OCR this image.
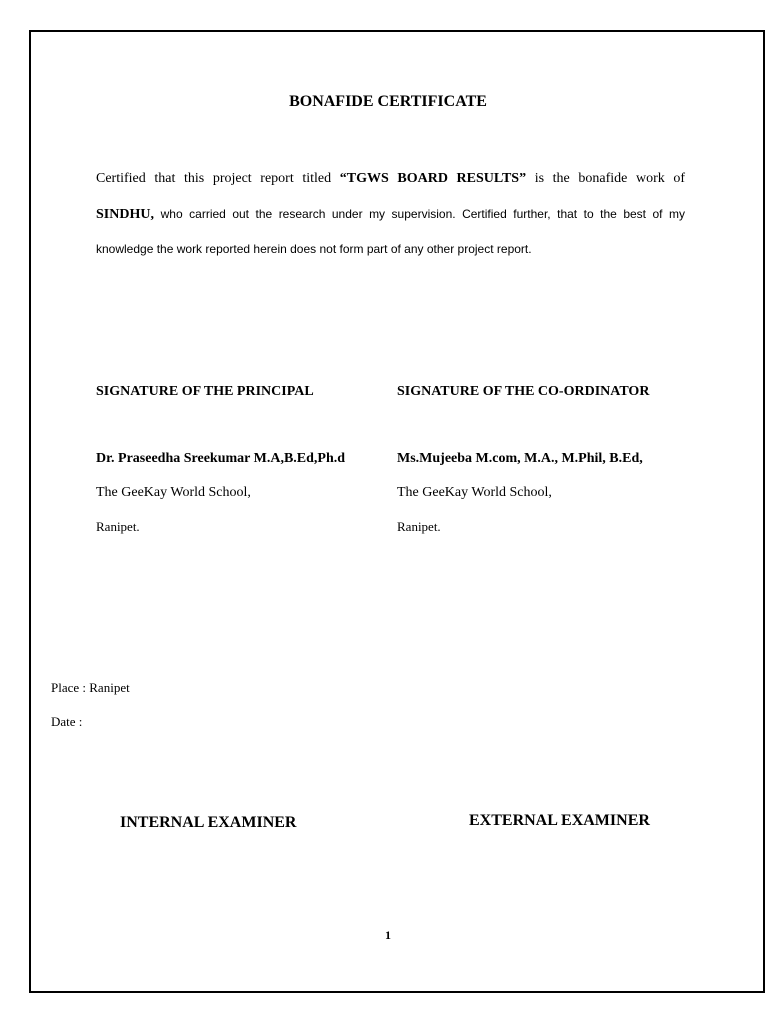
BONAFIDE CERTIFICATE
Certified that this project report titled “TGWS BOARD RESULTS” is the bonafide work of
SINDHU, who carried out the research under my supervision. Certified further, that to the best of my
knowledge the work reported herein does not form part of any other project report.
SIGNATURE OF THE PRINCIPAL	SIGNATURE OF THE CO-ORDINATOR
Dr. Praseedha Sreekumar M.A,B.Ed,Ph.d	Ms.Mujeeba M.com, M.A., M.Phil, B.Ed,
The GeeKay World School,	The GeeKay World School,
Ranipet.	Ranipet.
Place : Ranipet
Date :
INTERNAL EXAMINER	EXTERNAL EXAMINER
1
